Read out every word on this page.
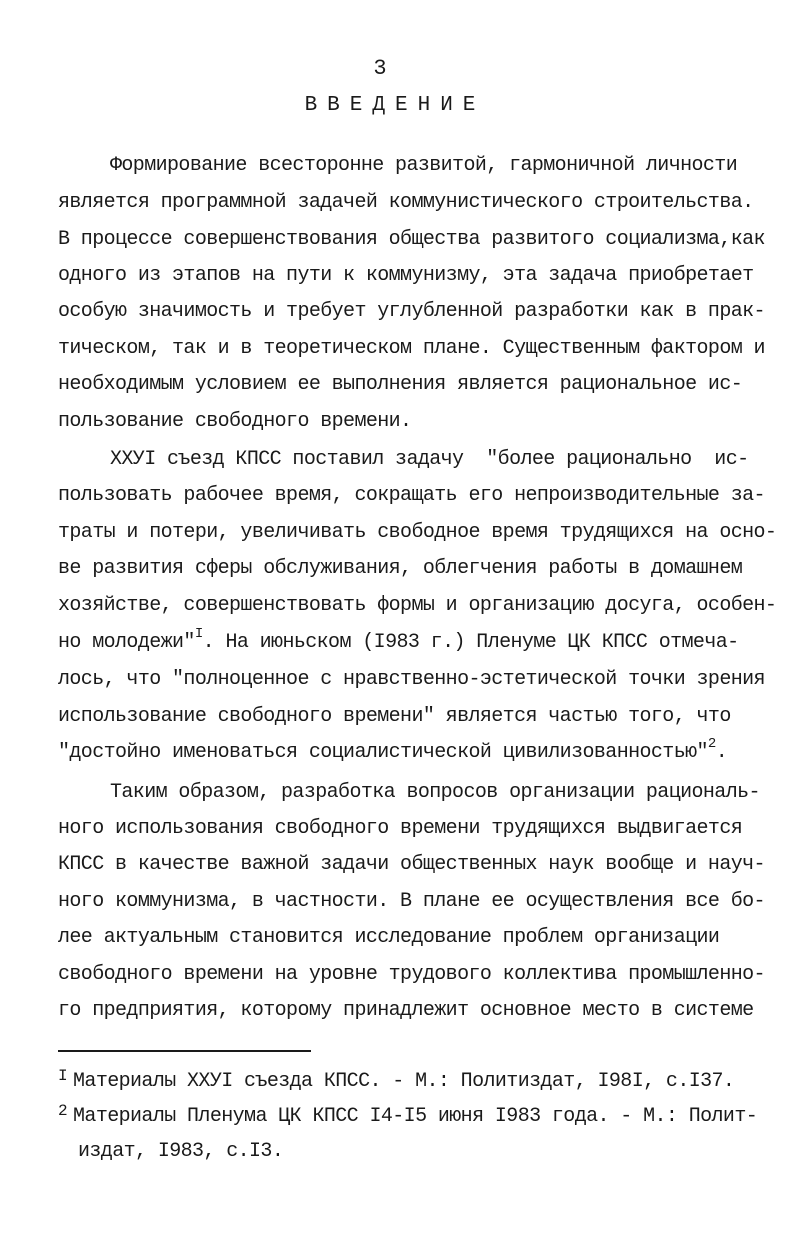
3
ВВЕДЕНИЕ
Формирование всесторонне развитой, гармоничной личности
является программной задачей коммунистического строительства.
В процессе совершенствования общества развитого социализма,как
одного из этапов на пути к коммунизму, эта задача приобретает
особую значимость и требует углубленной разработки как в прак-
тическом, так и в теоретическом плане. Существенным фактором и
необходимым условием ее выполнения является рациональное ис-
пользование свободного времени.
ХХУI съезд КПСС поставил задачу  "более рационально  ис-
пользовать рабочее время, сокращать его непроизводительные за-
траты и потери, увеличивать свободное время трудящихся на осно-
ве развития сферы обслуживания, облегчения работы в домашнем
хозяйстве, совершенствовать формы и организацию досуга, особен-
но молодежи"$^I$. На июньском (I983 г.) Пленуме ЦК КПСС отмеча-
лось, что "полноценное с нравственно-эстетической точки зрения
использование свободного времени" является частью того, что
"достойно именоваться социалистической цивилизованностью"$^2$.
Таким образом, разработка вопросов организации рациональ-
ного использования свободного времени трудящихся выдвигается
КПСС в качестве важной задачи общественных наук вообще и науч-
ного коммунизма, в частности. В плане ее осуществления все бо-
лее актуальным становится исследование проблем организации
свободного времени на уровне трудового коллектива промышленно-
го предприятия, которому принадлежит основное место в системе
$^I$ Материалы ХХУI съезда КПСС. - М.: Политиздат, I98I, с.I37.
$^2$ Материалы Пленума ЦК КПСС I4-I5 июня I983 года. - М.: Полит-
издат, I983, с.I3.
